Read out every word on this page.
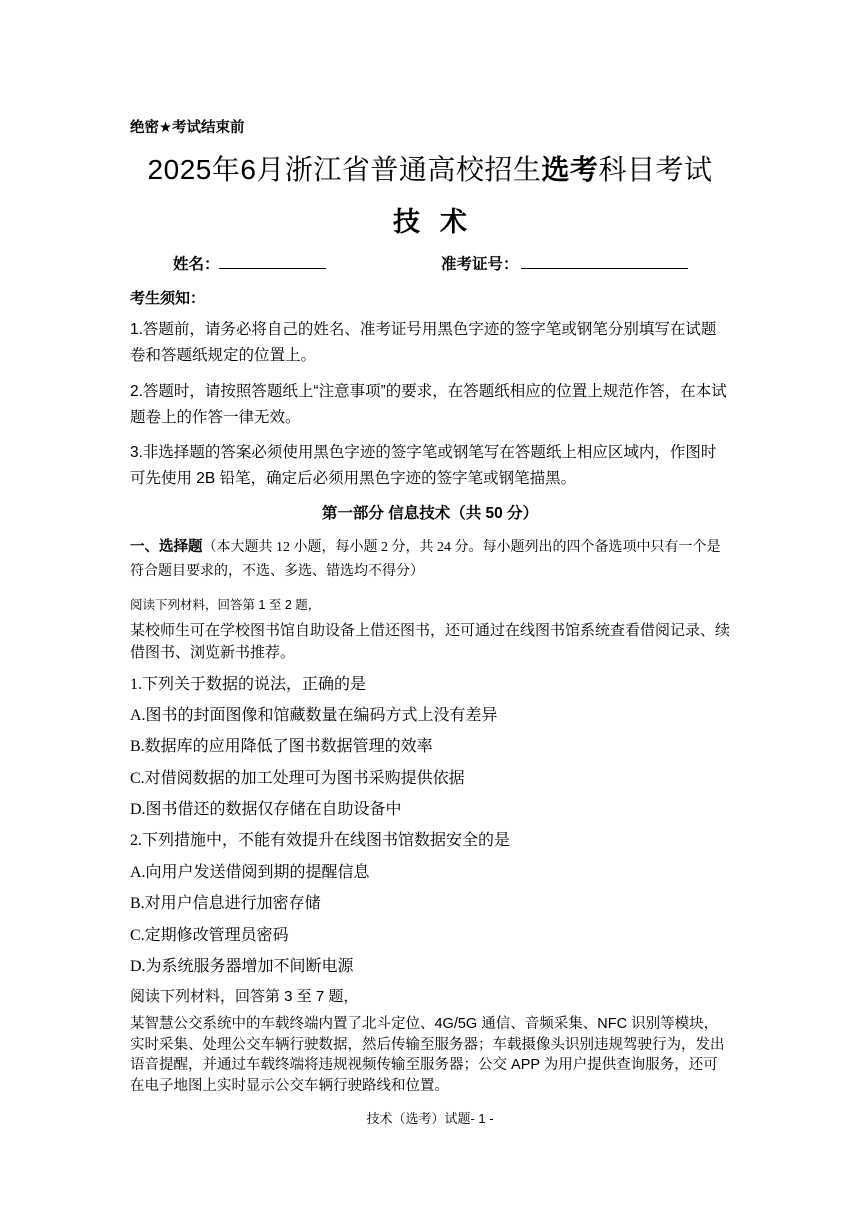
绝密★考试结束前
2025年6月浙江省普通高校招生选考科目考试
技术
姓名：	准考证号：
考生须知：
1.答题前，请务必将自己的姓名、准考证号用黑色字迹的签字笔或钢笔分别填写在试题卷和答题纸规定的位置上。
2.答题时，请按照答题纸上“注意事项”的要求，在答题纸相应的位置上规范作答，在本试题卷上的作答一律无效。
3.非选择题的答案必须使用黑色字迹的签字笔或钢笔写在答题纸上相应区域内，作图时可先使用 2B 铅笔，确定后必须用黑色字迹的签字笔或钢笔描黑。
第一部分 信息技术（共 50 分）
一、选择题（本大题共 12 小题，每小题 2 分，共 24 分。每小题列出的四个备选项中只有一个是符合题目要求的，不选、多选、错选均不得分）
阅读下列材料，回答第 1 至 2 题，
某校师生可在学校图书馆自助设备上借还图书，还可通过在线图书馆系统查看借阅记录、续借图书、浏览新书推荐。
1.下列关于数据的说法，正确的是
A.图书的封面图像和馆藏数量在编码方式上没有差异
B.数据库的应用降低了图书数据管理的效率
C.对借阅数据的加工处理可为图书采购提供依据
D.图书借还的数据仅存储在自助设备中
2.下列措施中，不能有效提升在线图书馆数据安全的是
A.向用户发送借阅到期的提醒信息
B.对用户信息进行加密存储
C.定期修改管理员密码
D.为系统服务器增加不间断电源
阅读下列材料，回答第 3 至 7 题，
某智慧公交系统中的车载终端内置了北斗定位、4G/5G 通信、音频采集、NFC 识别等模块，实时采集、处理公交车辆行驶数据，然后传输至服务器；车载摄像头识别违规驾驶行为，发出语音提醒，并通过车载终端将违规视频传输至服务器；公交 APP 为用户提供查询服务，还可在电子地图上实时显示公交车辆行驶路线和位置。
技术（选考）试题- 1 -
